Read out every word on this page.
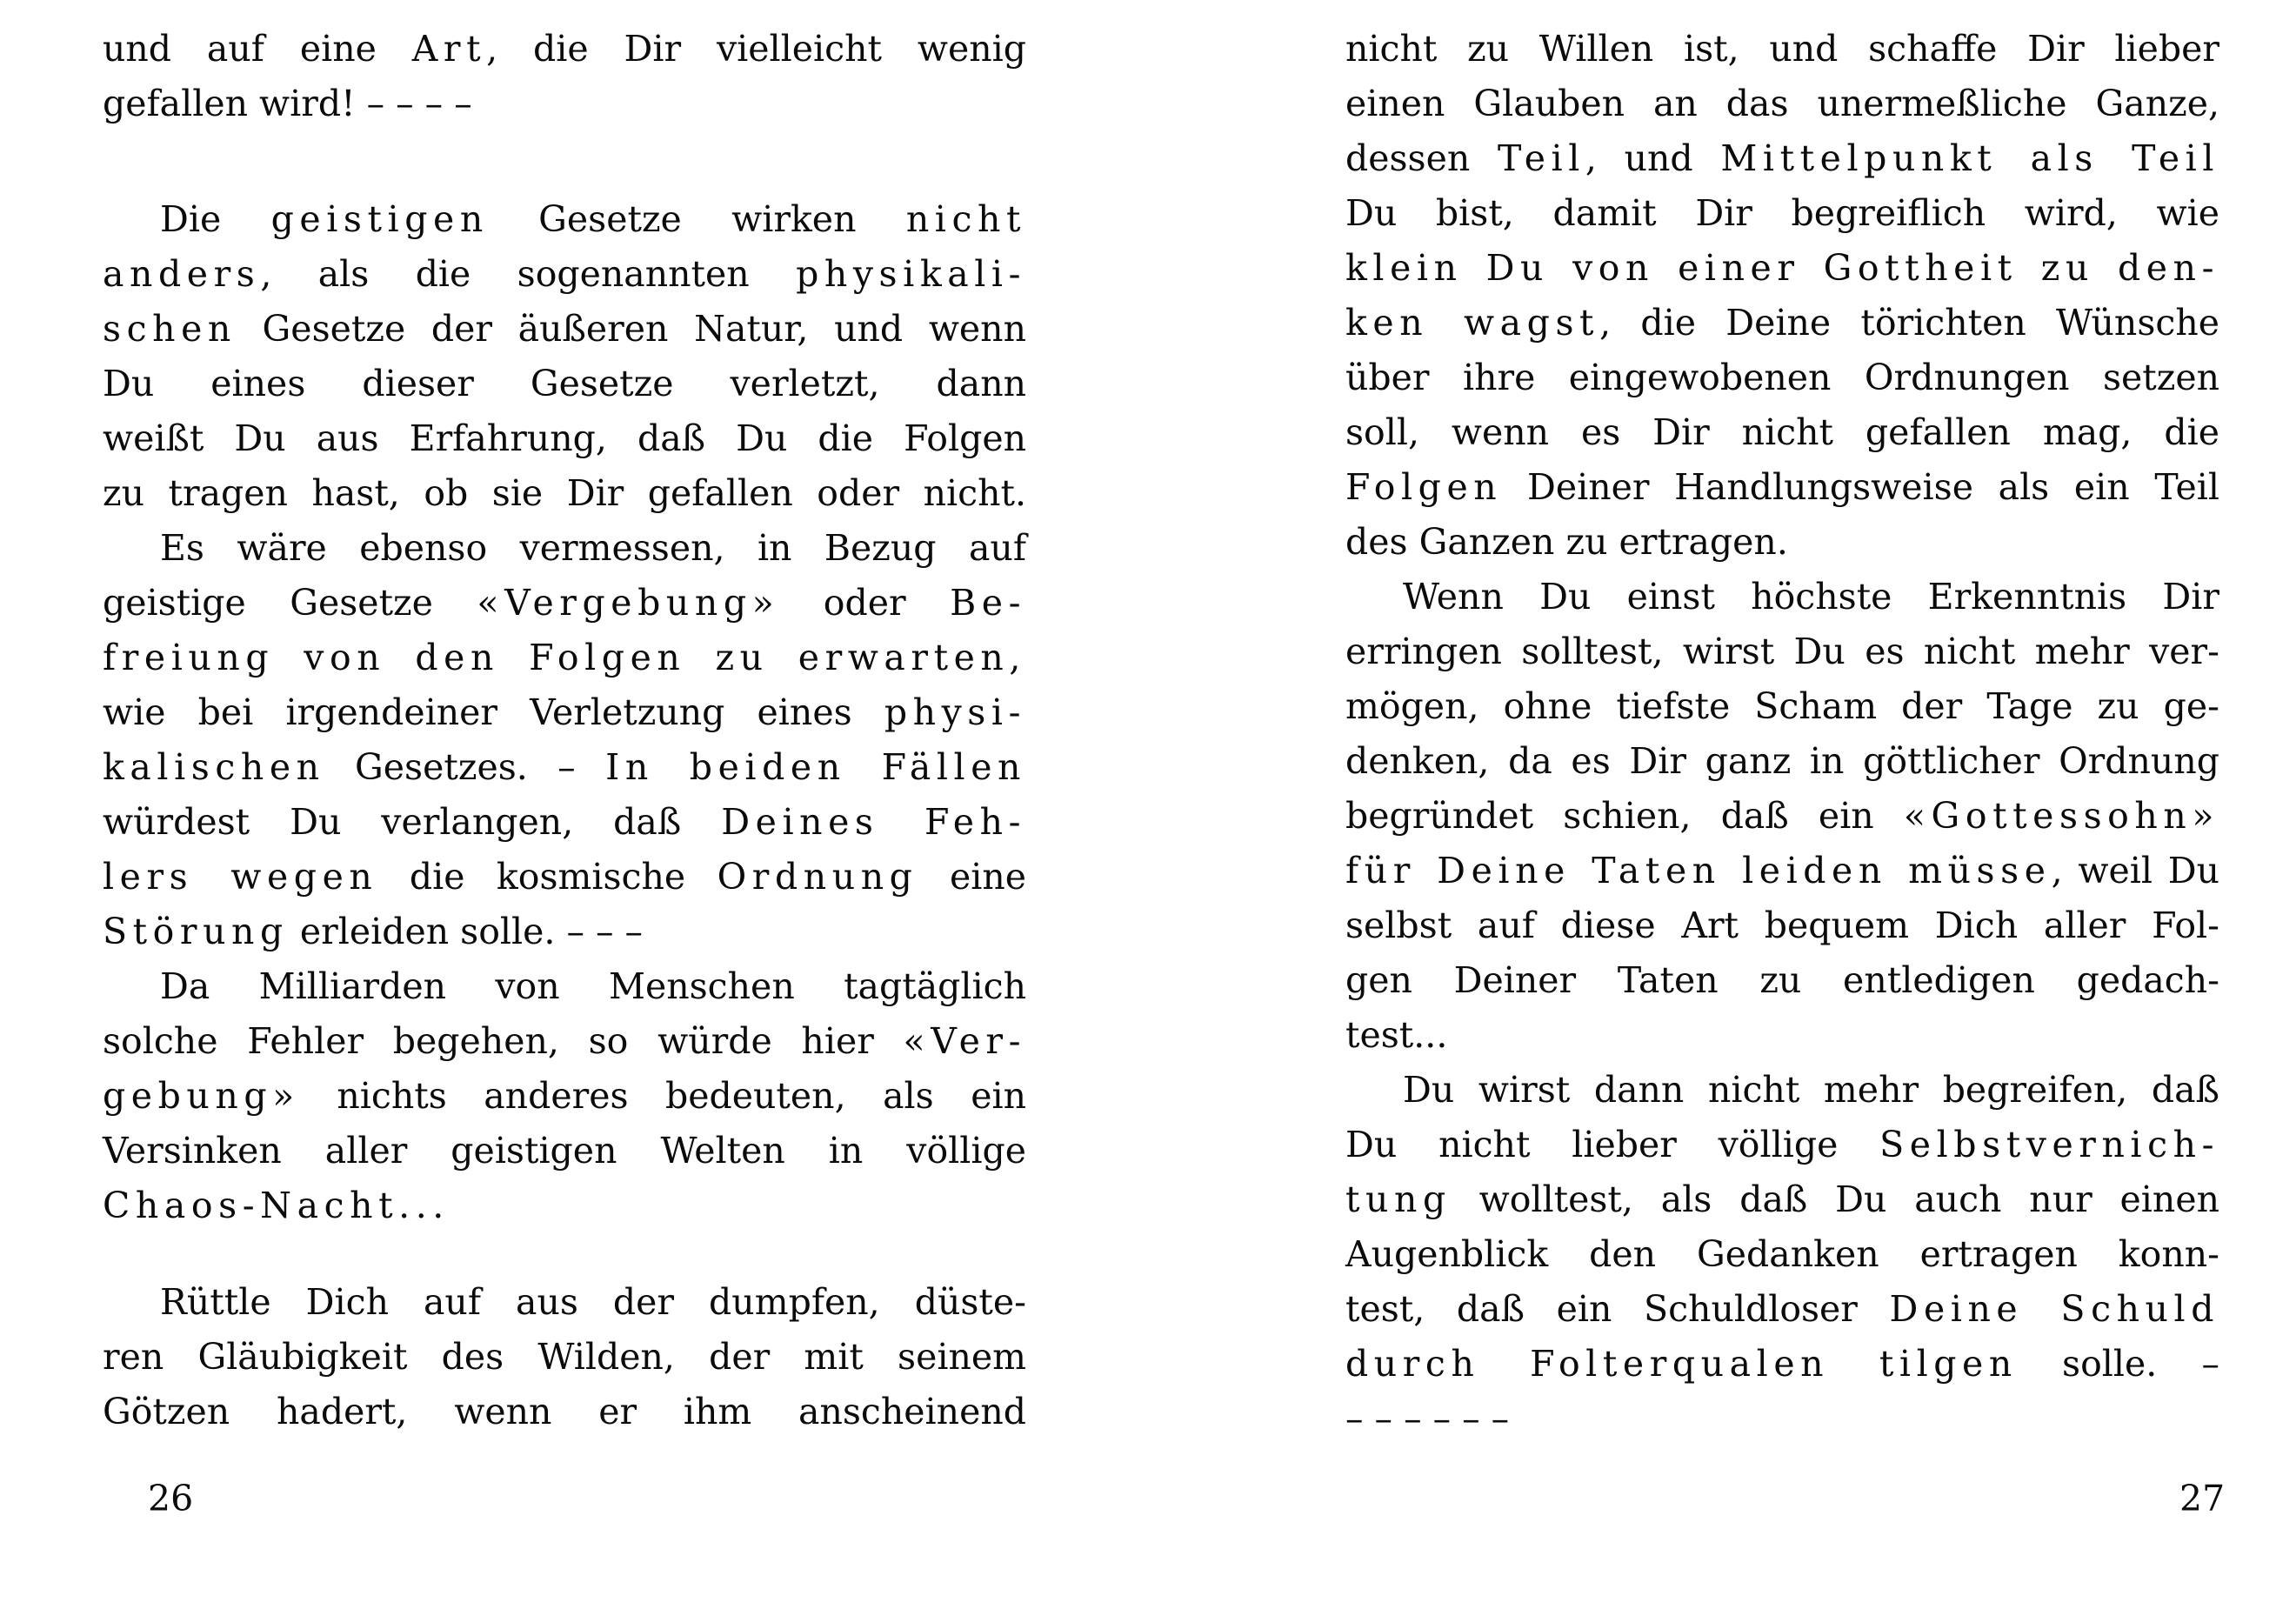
und auf eine Art, die Dir vielleicht wenig
gefallen wird! – – – –
Die geistigen Gesetze wirken nicht
anders, als die sogenannten physikali-
schen Gesetze der äußeren Natur, und wenn
Du eines dieser Gesetze verletzt, dann
weißt Du aus Erfahrung, daß Du die Folgen
zu tragen hast, ob sie Dir gefallen oder nicht.
Es wäre ebenso vermessen, in Bezug auf
geistige Gesetze «Vergebung» oder Be-
freiung von den Folgen zu erwarten,
wie bei irgendeiner Verletzung eines physi-
kalischen Gesetzes. – In beiden Fällen
würdest Du verlangen, daß Deines Feh-
lers wegen die kosmische Ordnung eine
Störung erleiden solle. – – –
Da Milliarden von Menschen tagtäglich
solche Fehler begehen, so würde hier «Ver-
gebung» nichts anderes bedeuten, als ein
Versinken aller geistigen Welten in völlige
Chaos-Nacht...
Rüttle Dich auf aus der dumpfen, düste-
ren Gläubigkeit des Wilden, der mit seinem
Götzen hadert, wenn er ihm anscheinend
nicht zu Willen ist, und schaffe Dir lieber
einen Glauben an das unermeßliche Ganze,
dessen Teil, und Mittelpunkt als Teil
Du bist, damit Dir begreiflich wird, wie
klein Du von einer Gottheit zu den-
ken wagst, die Deine törichten Wünsche
über ihre eingewobenen Ordnungen setzen
soll, wenn es Dir nicht gefallen mag, die
Folgen Deiner Handlungsweise als ein Teil
des Ganzen zu ertragen.
Wenn Du einst höchste Erkenntnis Dir
erringen solltest, wirst Du es nicht mehr ver-
mögen, ohne tiefste Scham der Tage zu ge-
denken, da es Dir ganz in göttlicher Ordnung
begründet schien, daß ein «Gottessohn»
für Deine Taten leiden müsse, weil Du
selbst auf diese Art bequem Dich aller Fol-
gen Deiner Taten zu entledigen gedach-
test...
Du wirst dann nicht mehr begreifen, daß
Du nicht lieber völlige Selbstvernich-
tung wolltest, als daß Du auch nur einen
Augenblick den Gedanken ertragen konn-
test, daß ein Schuldloser Deine Schuld
durch Folterqualen tilgen solle. –
– – – – – –
26	27
